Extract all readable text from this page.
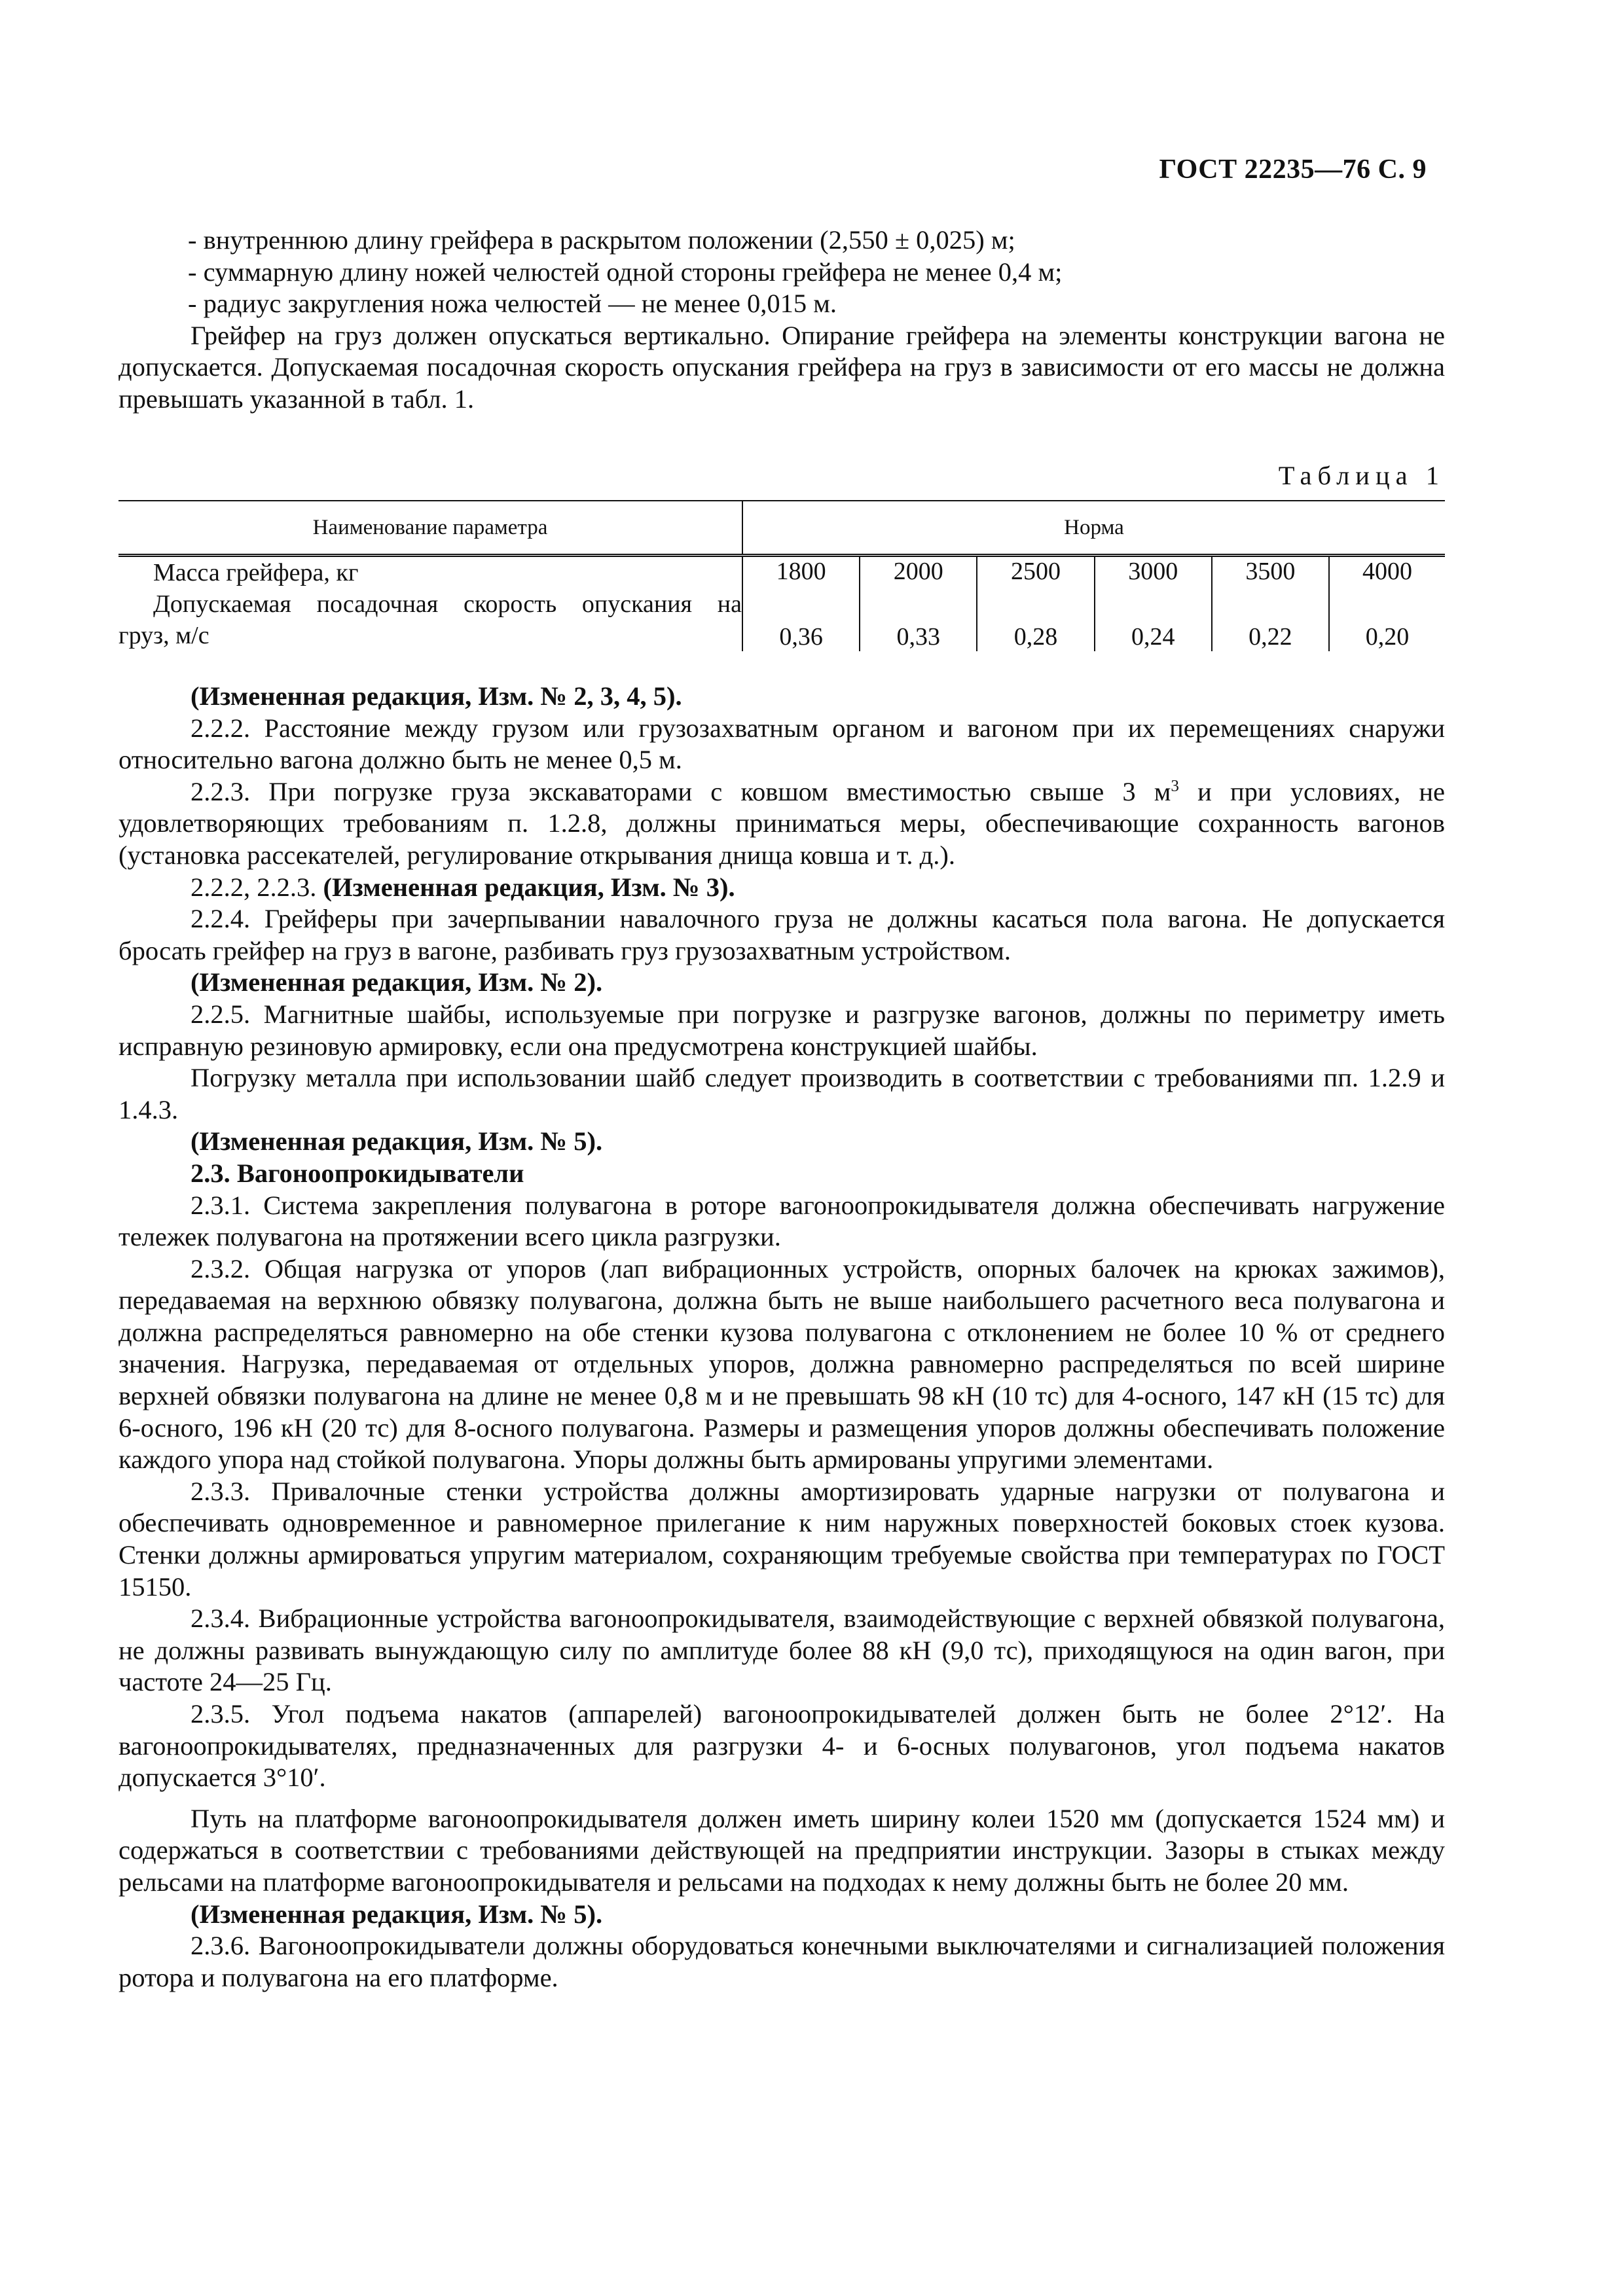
ГОСТ 22235—76 С. 9

- внутреннюю длину грейфера в раскрытом положении (2,550 ± 0,025) м;

- суммарную длину ножей челюстей одной стороны грейфера не менее 0,4 м;

- радиус закругления ножа челюстей — не менее 0,015 м.

Грейфер на груз должен опускаться вертикально. Опирание грейфера на элементы конструкции вагона не допускается. Допускаемая посадочная скорость опускания грейфера на груз в зависимости от его массы не должна превышать указанной в табл. 1.

Таблица 1
Наименование параметра	Норма					

Масса грейфера, кг	1800	2000	2500	3000	3500	4000

Допускаемая посадочная скорость опускания на
груз, м/с	0,36	0,33	0,28	0,24	0,22	0,20

(Измененная редакция, Изм. № 2, 3, 4, 5).

2.2.2. Расстояние между грузом или грузозахватным органом и вагоном при их перемещениях снаружи относительно вагона должно быть не менее 0,5 м.

2.2.3. При погрузке груза экскаваторами с ковшом вместимостью свыше 3 $м^3$ и при условиях, не удовлетворяющих требованиям п. 1.2.8, должны приниматься меры, обеспечивающие сохранность вагонов (установка рассекателей, регулирование открывания днища ковша и т. д.).

2.2.2, 2.2.3. (Измененная редакция, Изм. № 3).

2.2.4. Грейферы при зачерпывании навалочного груза не должны касаться пола вагона. Не допускается бросать грейфер на груз в вагоне, разбивать груз грузозахватным устройством.

(Измененная редакция, Изм. № 2).

2.2.5. Магнитные шайбы, используемые при погрузке и разгрузке вагонов, должны по периметру иметь исправную резиновую армировку, если она предусмотрена конструкцией шайбы.

Погрузку металла при использовании шайб следует производить в соответствии с требованиями пп. 1.2.9 и 1.4.3.

(Измененная редакция, Изм. № 5).

2.3. Вагоноопрокидыватели

2.3.1. Система закрепления полувагона в роторе вагоноопрокидывателя должна обеспечивать нагружение тележек полувагона на протяжении всего цикла разгрузки.

2.3.2. Общая нагрузка от упоров (лап вибрационных устройств, опорных балочек на крюках зажимов), передаваемая на верхнюю обвязку полувагона, должна быть не выше наибольшего расчетного веса полувагона и должна распределяться равномерно на обе стенки кузова полувагона с отклонением не более 10 % от среднего значения. Нагрузка, передаваемая от отдельных упоров, должна равномерно распределяться по всей ширине верхней обвязки полувагона на длине не менее 0,8 м и не превышать 98 кН (10 тс) для 4-осного, 147 кН (15 тс) для 6-осного, 196 кН (20 тс) для 8-осного полувагона. Размеры и размещения упоров должны обеспечивать положение каждого упора над стойкой полувагона. Упоры должны быть армированы упругими элементами.

2.3.3. Привалочные стенки устройства должны амортизировать ударные нагрузки от полувагона и обеспечивать одновременное и равномерное прилегание к ним наружных поверхностей боковых стоек кузова. Стенки должны армироваться упругим материалом, сохраняющим требуемые свойства при температурах по ГОСТ 15150.

2.3.4. Вибрационные устройства вагоноопрокидывателя, взаимодействующие с верхней обвязкой полувагона, не должны развивать вынуждающую силу по амплитуде более 88 кН (9,0 тс), приходящуюся на один вагон, при частоте 24—25 Гц.

2.3.5. Угол подъема накатов (аппарелей) вагоноопрокидывателей должен быть не более 2°12′. На вагоноопрокидывателях, предназначенных для разгрузки 4- и 6-осных полувагонов, угол подъема накатов допускается 3°10′.

Путь на платформе вагоноопрокидывателя должен иметь ширину колеи 1520 мм (допускается 1524 мм) и содержаться в соответствии с требованиями действующей на предприятии инструкции. Зазоры в стыках между рельсами на платформе вагоноопрокидывателя и рельсами на подходах к нему должны быть не более 20 мм.

(Измененная редакция, Изм. № 5).

2.3.6. Вагоноопрокидыватели должны оборудоваться конечными выключателями и сигнализацией положения ротора и полувагона на его платформе.
